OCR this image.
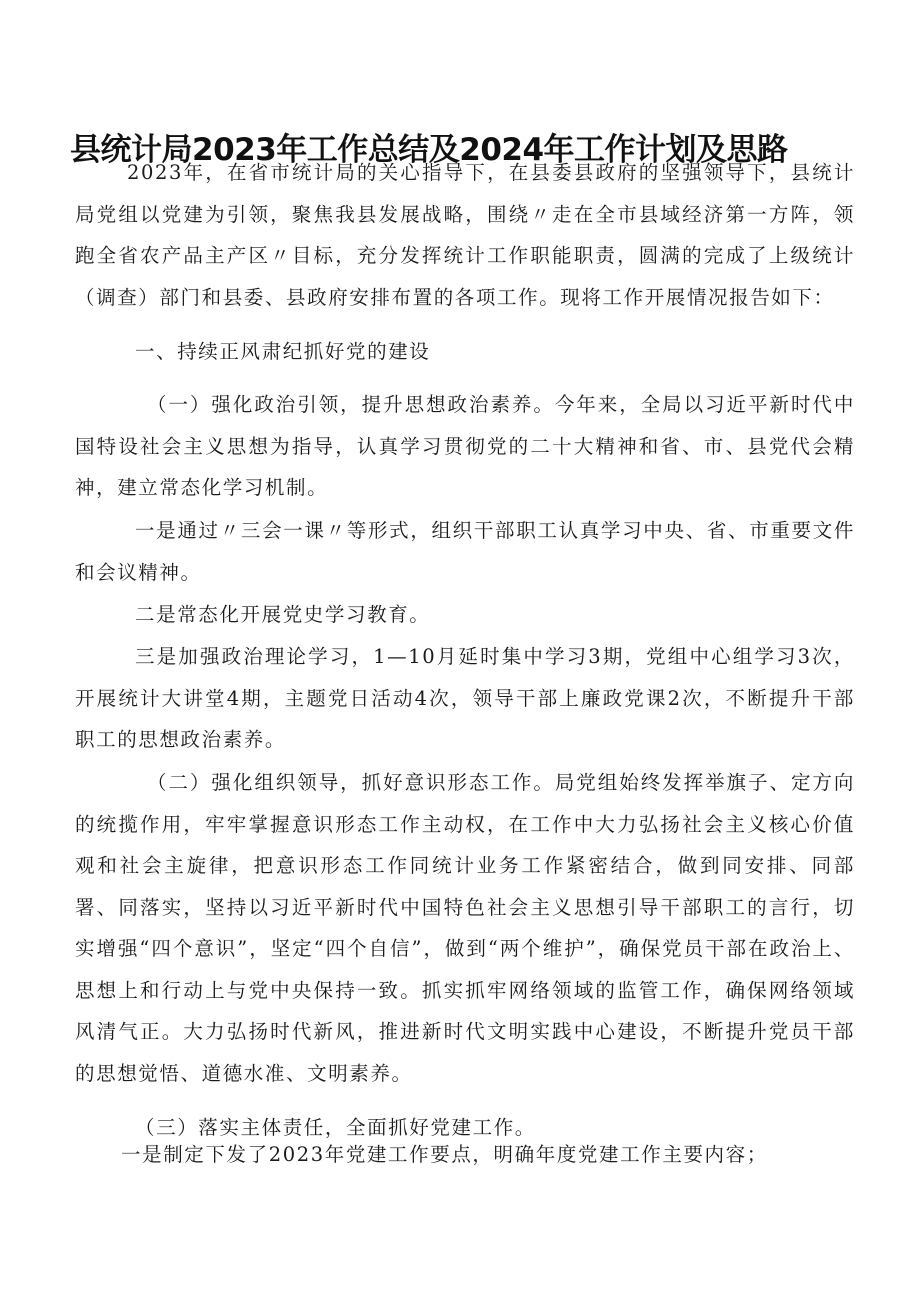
县统计局2023年工作总结及2024年工作计划及思路

2023年，在省市统计局的关心指导下，在县委县政府的坚强领导下，县统计局党组以党建为引领，聚焦我县发展战略，围绕〃走在全市县域经济第一方阵，领跑全省农产品主产区〃目标，充分发挥统计工作职能职责，圆满的完成了上级统计（调查）部门和县委、县政府安排布置的各项工作。现将工作开展情况报告如下：

一、持续正风肃纪抓好党的建设

（一）强化政治引领，提升思想政治素养。今年来，全局以习近平新时代中国特设社会主义思想为指导，认真学习贯彻党的二十大精神和省、市、县党代会精神，建立常态化学习机制。

一是通过〃三会一课〃等形式，组织干部职工认真学习中央、省、市重要文件和会议精神。

二是常态化开展党史学习教育。

三是加强政治理论学习，1—10月延时集中学习3期，党组中心组学习3次，开展统计大讲堂4期，主题党日活动4次，领导干部上廉政党课2次，不断提升干部职工的思想政治素养。

（二）强化组织领导，抓好意识形态工作。局党组始终发挥举旗子、定方向的统揽作用，牢牢掌握意识形态工作主动权，在工作中大力弘扬社会主义核心价值观和社会主旋律，把意识形态工作同统计业务工作紧密结合，做到同安排、同部署、同落实，坚持以习近平新时代中国特色社会主义思想引导干部职工的言行，切实增强“四个意识”，坚定“四个自信”，做到“两个维护”，确保党员干部在政治上、思想上和行动上与党中央保持一致。抓实抓牢网络领域的监管工作，确保网络领域风清气正。大力弘扬时代新风，推进新时代文明实践中心建设，不断提升党员干部的思想觉悟、道德水准、文明素养。

（三）落实主体责任，全面抓好党建工作。

一是制定下发了2023年党建工作要点，明确年度党建工作主要内容；
